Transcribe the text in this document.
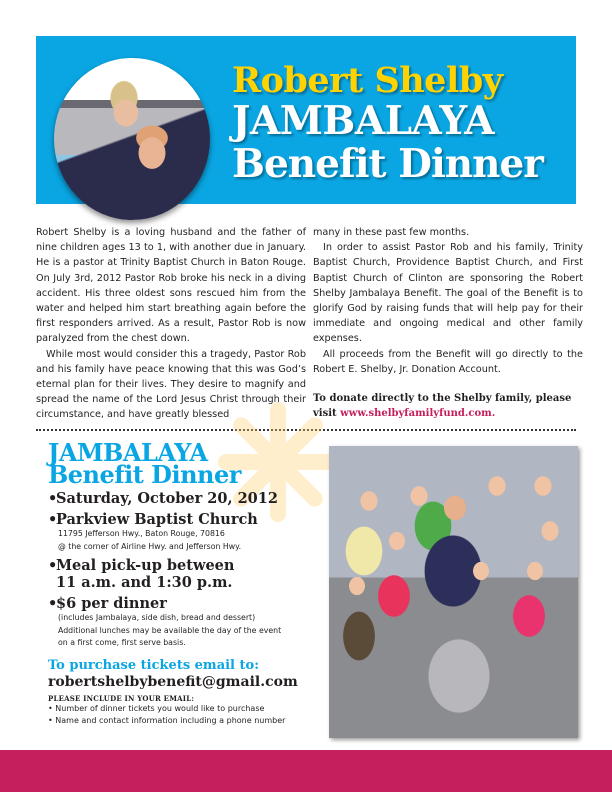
Robert Shelby
JAMBALAYA
Benefit Dinner

Robert Shelby is a loving husband and the father of nine children ages 13 to 1, with another due in January. He is a pastor at Trinity Baptist Church in Baton Rouge. On July 3rd, 2012 Pastor Rob broke his neck in a diving accident. His three oldest sons rescued him from the water and helped him start breathing again before the first responders arrived. As a result, Pastor Rob is now paralyzed from the chest down.

While most would consider this a tragedy, Pastor Rob and his family have peace knowing that this was God’s eternal plan for their lives. They desire to magnify and spread the name of the Lord Jesus Christ through their circumstance, and have greatly blessed

many in these past few months.

In order to assist Pastor Rob and his family, Trinity Baptist Church, Providence Baptist Church, and First Baptist Church of Clinton are sponsoring the Robert Shelby Jambalaya Benefit. The goal of the Benefit is to glorify God by raising funds that will help pay for their immediate and ongoing medical and other family expenses.

All proceeds from the Benefit will go directly to the Robert E. Shelby, Jr. Donation Account.

To donate directly to the Shelby family, please visit www.shelbyfamilyfund.com.

JAMBALAYA
Benefit Dinner
•Saturday, October 20, 2012
•Parkview Baptist Church
11795 Jefferson Hwy., Baton Rouge, 70816
@ the corner of Airline Hwy. and Jefferson Hwy.
•Meal pick-up between
11 a.m. and 1:30 p.m.
•$6 per dinner
(includes Jambalaya, side dish, bread and dessert)
Additional lunches may be available the day of the event
on a first come, first serve basis.
To purchase tickets email to:
robertshelbybenefit@gmail.com
PLEASE INCLUDE IN YOUR EMAIL:
• Number of dinner tickets you would like to purchase
• Name and contact information including a phone number
